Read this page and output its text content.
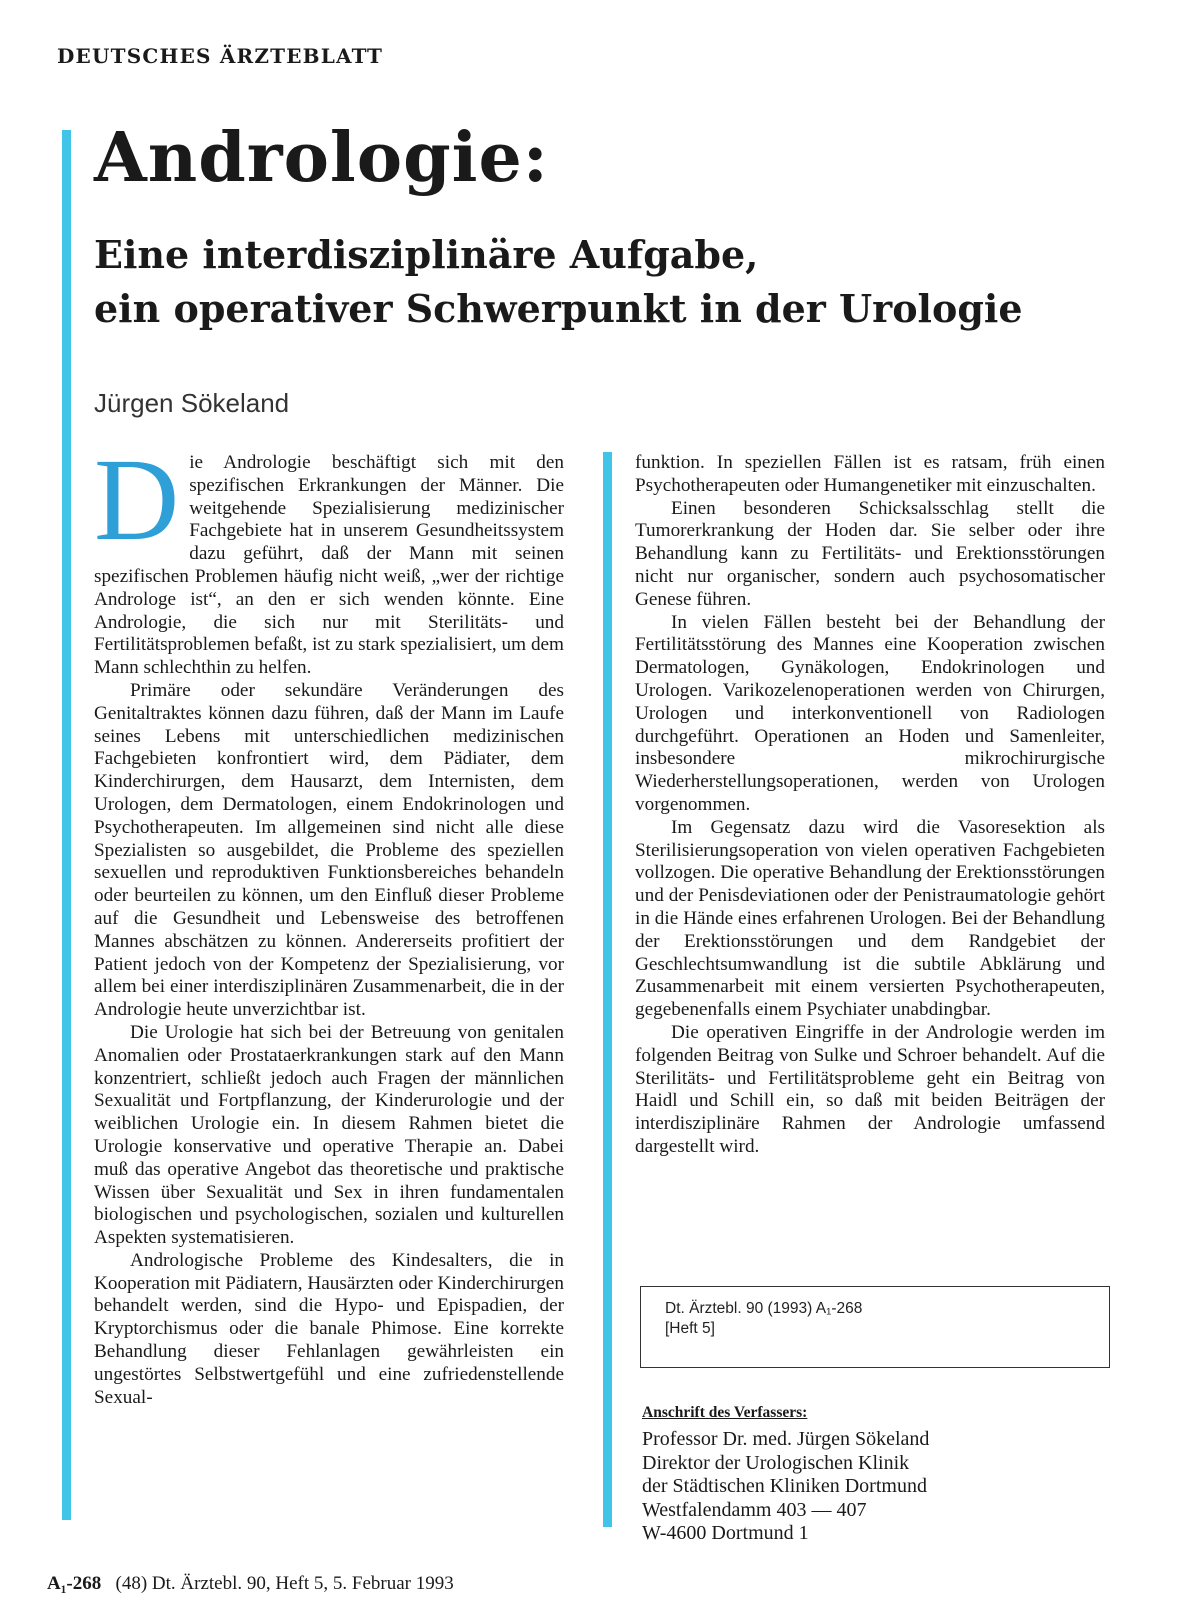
DEUTSCHES ÄRZTEBLATT
Andrologie:
Eine interdisziplinäre Aufgabe,
ein operativer Schwerpunkt in der Urologie
Jürgen Sökeland

Die Andrologie beschäftigt sich mit den spezifischen Erkrankungen der Männer. Die weitgehende Spezialisierung medizinischer Fachgebiete hat in unserem Gesundheitssystem dazu geführt, daß der Mann mit seinen spezifischen Problemen häufig nicht weiß, „wer der richtige Androloge ist“, an den er sich wenden könnte. Eine Andrologie, die sich nur mit Sterilitäts- und Fertilitätsproblemen befaßt, ist zu stark spezialisiert, um dem Mann schlechthin zu helfen.

Primäre oder sekundäre Veränderungen des Genitaltraktes können dazu führen, daß der Mann im Laufe seines Lebens mit unterschiedlichen medizinischen Fachgebieten konfrontiert wird, dem Pädiater, dem Kinderchirurgen, dem Hausarzt, dem Internisten, dem Urologen, dem Dermatologen, einem Endokrinologen und Psychotherapeuten. Im allgemeinen sind nicht alle diese Spezialisten so ausgebildet, die Probleme des speziellen sexuellen und reproduktiven Funktionsbereiches behandeln oder beurteilen zu können, um den Einfluß dieser Probleme auf die Gesundheit und Lebensweise des betroffenen Mannes abschätzen zu können. Andererseits profitiert der Patient jedoch von der Kompetenz der Spezialisierung, vor allem bei einer interdisziplinären Zusammenarbeit, die in der Andrologie heute unverzichtbar ist.

Die Urologie hat sich bei der Betreuung von genitalen Anomalien oder Prostataerkrankungen stark auf den Mann konzentriert, schließt jedoch auch Fragen der männlichen Sexualität und Fortpflanzung, der Kinderurologie und der weiblichen Urologie ein. In diesem Rahmen bietet die Urologie konservative und operative Therapie an. Dabei muß das operative Angebot das theoretische und praktische Wissen über Sexualität und Sex in ihren fundamentalen biologischen und psychologischen, sozialen und kulturellen Aspekten systematisieren.

Andrologische Probleme des Kindesalters, die in Kooperation mit Pädiatern, Hausärzten oder Kinderchirurgen behandelt werden, sind die Hypo- und Epispadien, der Kryptorchismus oder die banale Phimose. Eine korrekte Behandlung dieser Fehlanlagen gewährleisten ein ungestörtes Selbstwertgefühl und eine zufriedenstellende Sexual-

funktion. In speziellen Fällen ist es ratsam, früh einen Psychotherapeuten oder Humangenetiker mit einzuschalten.

Einen besonderen Schicksalsschlag stellt die Tumorerkrankung der Hoden dar. Sie selber oder ihre Behandlung kann zu Fertilitäts- und Erektionsstörungen nicht nur organischer, sondern auch psychosomatischer Genese führen.

In vielen Fällen besteht bei der Behandlung der Fertilitätsstörung des Mannes eine Kooperation zwischen Dermatologen, Gynäkologen, Endokrinologen und Urologen. Varikozelenoperationen werden von Chirurgen, Urologen und interkonventionell von Radiologen durchgeführt. Operationen an Hoden und Samenleiter, insbesondere mikrochirurgische Wiederherstellungsoperationen, werden von Urologen vorgenommen.

Im Gegensatz dazu wird die Vasoresektion als Sterilisierungsoperation von vielen operativen Fachgebieten vollzogen. Die operative Behandlung der Erektionsstörungen und der Penisdeviationen oder der Penistraumatologie gehört in die Hände eines erfahrenen Urologen. Bei der Behandlung der Erektionsstörungen und dem Randgebiet der Geschlechtsumwandlung ist die subtile Abklärung und Zusammenarbeit mit einem versierten Psychotherapeuten, gegebenenfalls einem Psychiater unabdingbar.

Die operativen Eingriffe in der Andrologie werden im folgenden Beitrag von Sulke und Schroer behandelt. Auf die Sterilitäts- und Fertilitätsprobleme geht ein Beitrag von Haidl und Schill ein, so daß mit beiden Beiträgen der interdisziplinäre Rahmen der Andrologie umfassend dargestellt wird.

Dt. Ärztebl. 90 (1993) A₁-268
[Heft 5]
Anschrift des Verfassers:
Professor Dr. med. Jürgen Sökeland
Direktor der Urologischen Klinik
der Städtischen Kliniken Dortmund
Westfalendamm 403 — 407
W-4600 Dortmund 1
A₁-268 (48) Dt. Ärztebl. 90, Heft 5, 5. Februar 1993
